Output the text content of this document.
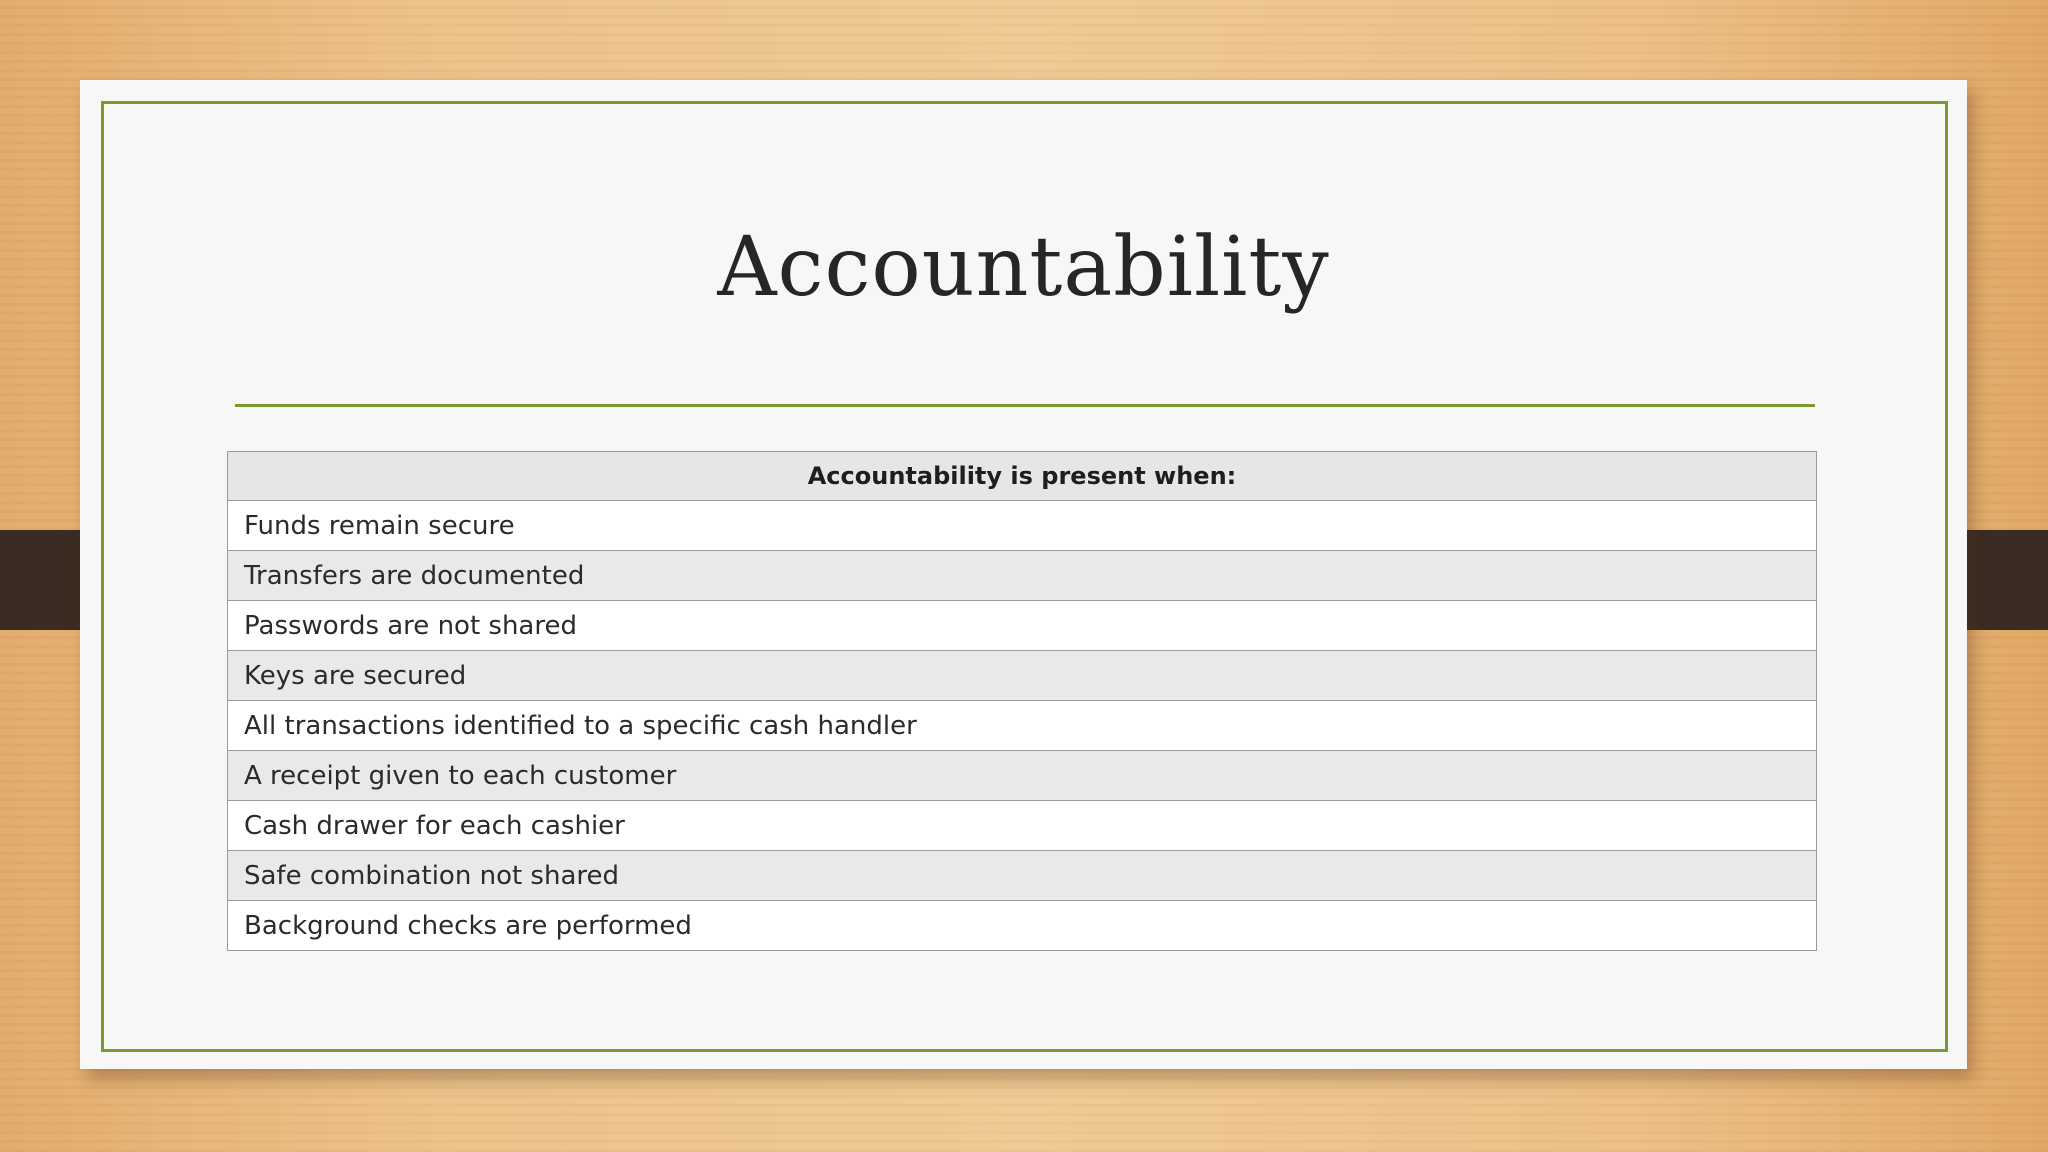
Accountability
Accountability is present when:
Funds remain secure
Transfers are documented
Passwords are not shared
Keys are secured
All transactions identified to a specific cash handler
A receipt given to each customer
Cash drawer for each cashier
Safe combination not shared
Background checks are performed
